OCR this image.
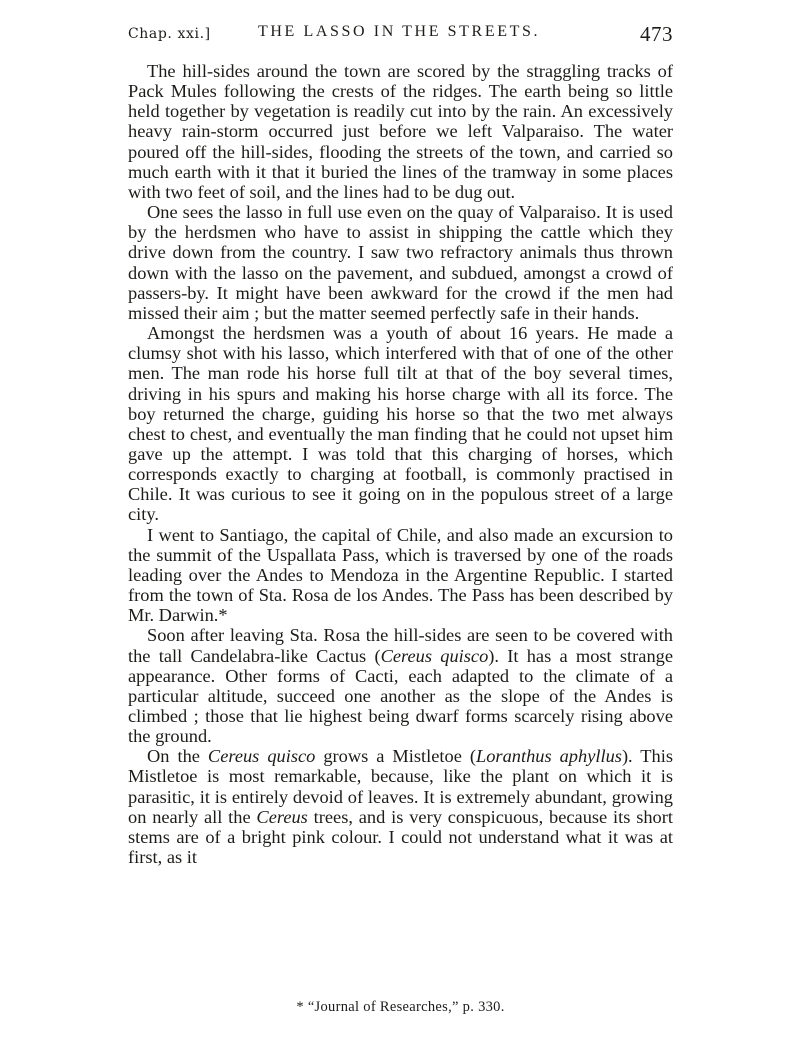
Chap. xxi.]	THE LASSO IN THE STREETS.	473

The hill-sides around the town are scored by the straggling tracks of Pack Mules following the crests of the ridges. The earth being so little held together by vegetation is readily cut into by the rain. An excessively heavy rain-storm occurred just before we left Valparaiso. The water poured off the hill-sides, flooding the streets of the town, and carried so much earth with it that it buried the lines of the tramway in some places with two feet of soil, and the lines had to be dug out.

One sees the lasso in full use even on the quay of Valparaiso. It is used by the herdsmen who have to assist in shipping the cattle which they drive down from the country. I saw two refractory animals thus thrown down with the lasso on the pavement, and subdued, amongst a crowd of passers-by. It might have been awkward for the crowd if the men had missed their aim ; but the matter seemed perfectly safe in their hands.

Amongst the herdsmen was a youth of about 16 years. He made a clumsy shot with his lasso, which interfered with that of one of the other men. The man rode his horse full tilt at that of the boy several times, driving in his spurs and making his horse charge with all its force. The boy returned the charge, guiding his horse so that the two met always chest to chest, and eventually the man finding that he could not upset him gave up the attempt. I was told that this charging of horses, which corresponds exactly to charging at football, is commonly practised in Chile. It was curious to see it going on in the populous street of a large city.

I went to Santiago, the capital of Chile, and also made an excursion to the summit of the Uspallata Pass, which is traversed by one of the roads leading over the Andes to Mendoza in the Argentine Republic. I started from the town of Sta. Rosa de los Andes. The Pass has been described by Mr. Darwin.*

Soon after leaving Sta. Rosa the hill-sides are seen to be covered with the tall Candelabra-like Cactus (Cereus quisco). It has a most strange appearance. Other forms of Cacti, each adapted to the climate of a particular altitude, succeed one another as the slope of the Andes is climbed ; those that lie highest being dwarf forms scarcely rising above the ground.

On the Cereus quisco grows a Mistletoe (Loranthus aphyllus). This Mistletoe is most remarkable, because, like the plant on which it is parasitic, it is entirely devoid of leaves. It is extremely abundant, growing on nearly all the Cereus trees, and is very conspicuous, because its short stems are of a bright pink colour. I could not understand what it was at first, as it

* “Journal of Researches,” p. 330.
